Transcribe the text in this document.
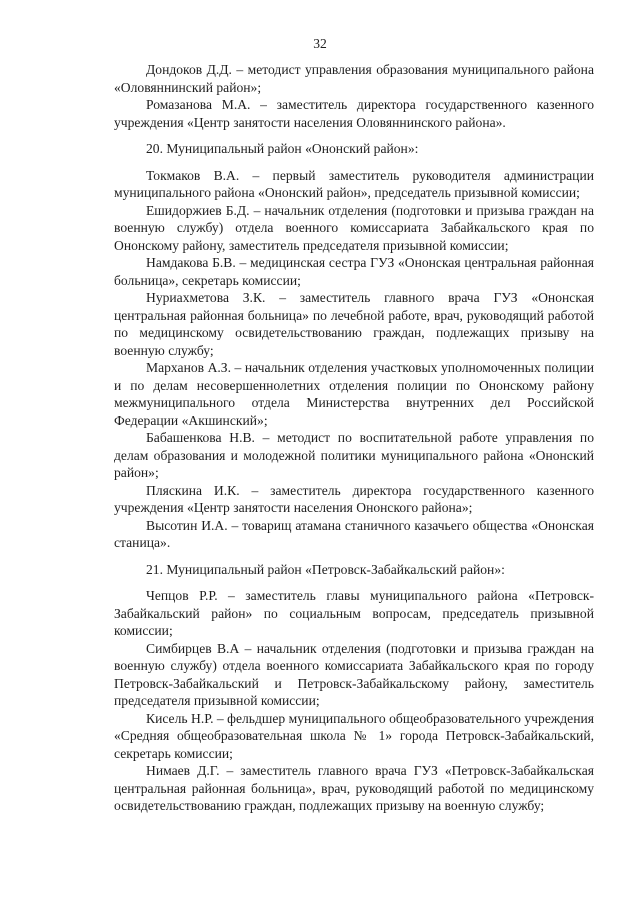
32

Дондоков Д.Д. – методист управления образования муниципального района «Оловяннинский район»;

Ромазанова М.А. – заместитель директора государственного казенного учреждения «Центр занятости населения Оловяннинского района».

20. Муниципальный район «Ононский район»:

Токмаков В.А. – первый заместитель руководителя администрации муниципального района «Ононский район», председатель призывной комиссии;

Ешидоржиев Б.Д. – начальник отделения (подготовки и призыва граждан на военную службу) отдела военного комиссариата Забайкальского края по Ононскому району, заместитель председателя призывной комиссии;

Намдакова Б.В. – медицинская сестра ГУЗ «Ононская центральная районная больница», секретарь комиссии;

Нуриахметова З.К. – заместитель главного врача ГУЗ «Ононская центральная районная больница» по лечебной работе, врач, руководящий работой по медицинскому освидетельствованию граждан, подлежащих призыву на военную службу;

Марханов А.З. – начальник отделения участковых уполномоченных полиции и по делам несовершеннолетних отделения полиции по Ононскому району межмуниципального отдела Министерства внутренних дел Российской Федерации «Акшинский»;

Бабашенкова Н.В. – методист по воспитательной работе управления по делам образования и молодежной политики муниципального района «Ононский район»;

Пляскина И.К. – заместитель директора государственного казенного учреждения «Центр занятости населения Ононского района»;

Высотин И.А. – товарищ атамана станичного казачьего общества «Ононская станица».

21. Муниципальный район «Петровск-Забайкальский район»:

Чепцов Р.Р. – заместитель главы муниципального района «Петровск-Забайкальский район» по социальным вопросам, председатель призывной комиссии;

Симбирцев В.А – начальник отделения (подготовки и призыва граждан на военную службу) отдела военного комиссариата Забайкальского края по городу Петровск-Забайкальский и Петровск-Забайкальскому району, заместитель председателя призывной комиссии;

Кисель Н.Р. – фельдшер муниципального общеобразовательного учреждения «Средняя общеобразовательная школа № 1» города Петровск-Забайкальский, секретарь комиссии;

Нимаев Д.Г. – заместитель главного врача ГУЗ «Петровск-Забайкальская центральная районная больница», врач, руководящий работой по медицинскому освидетельствованию граждан, подлежащих призыву на военную службу;
